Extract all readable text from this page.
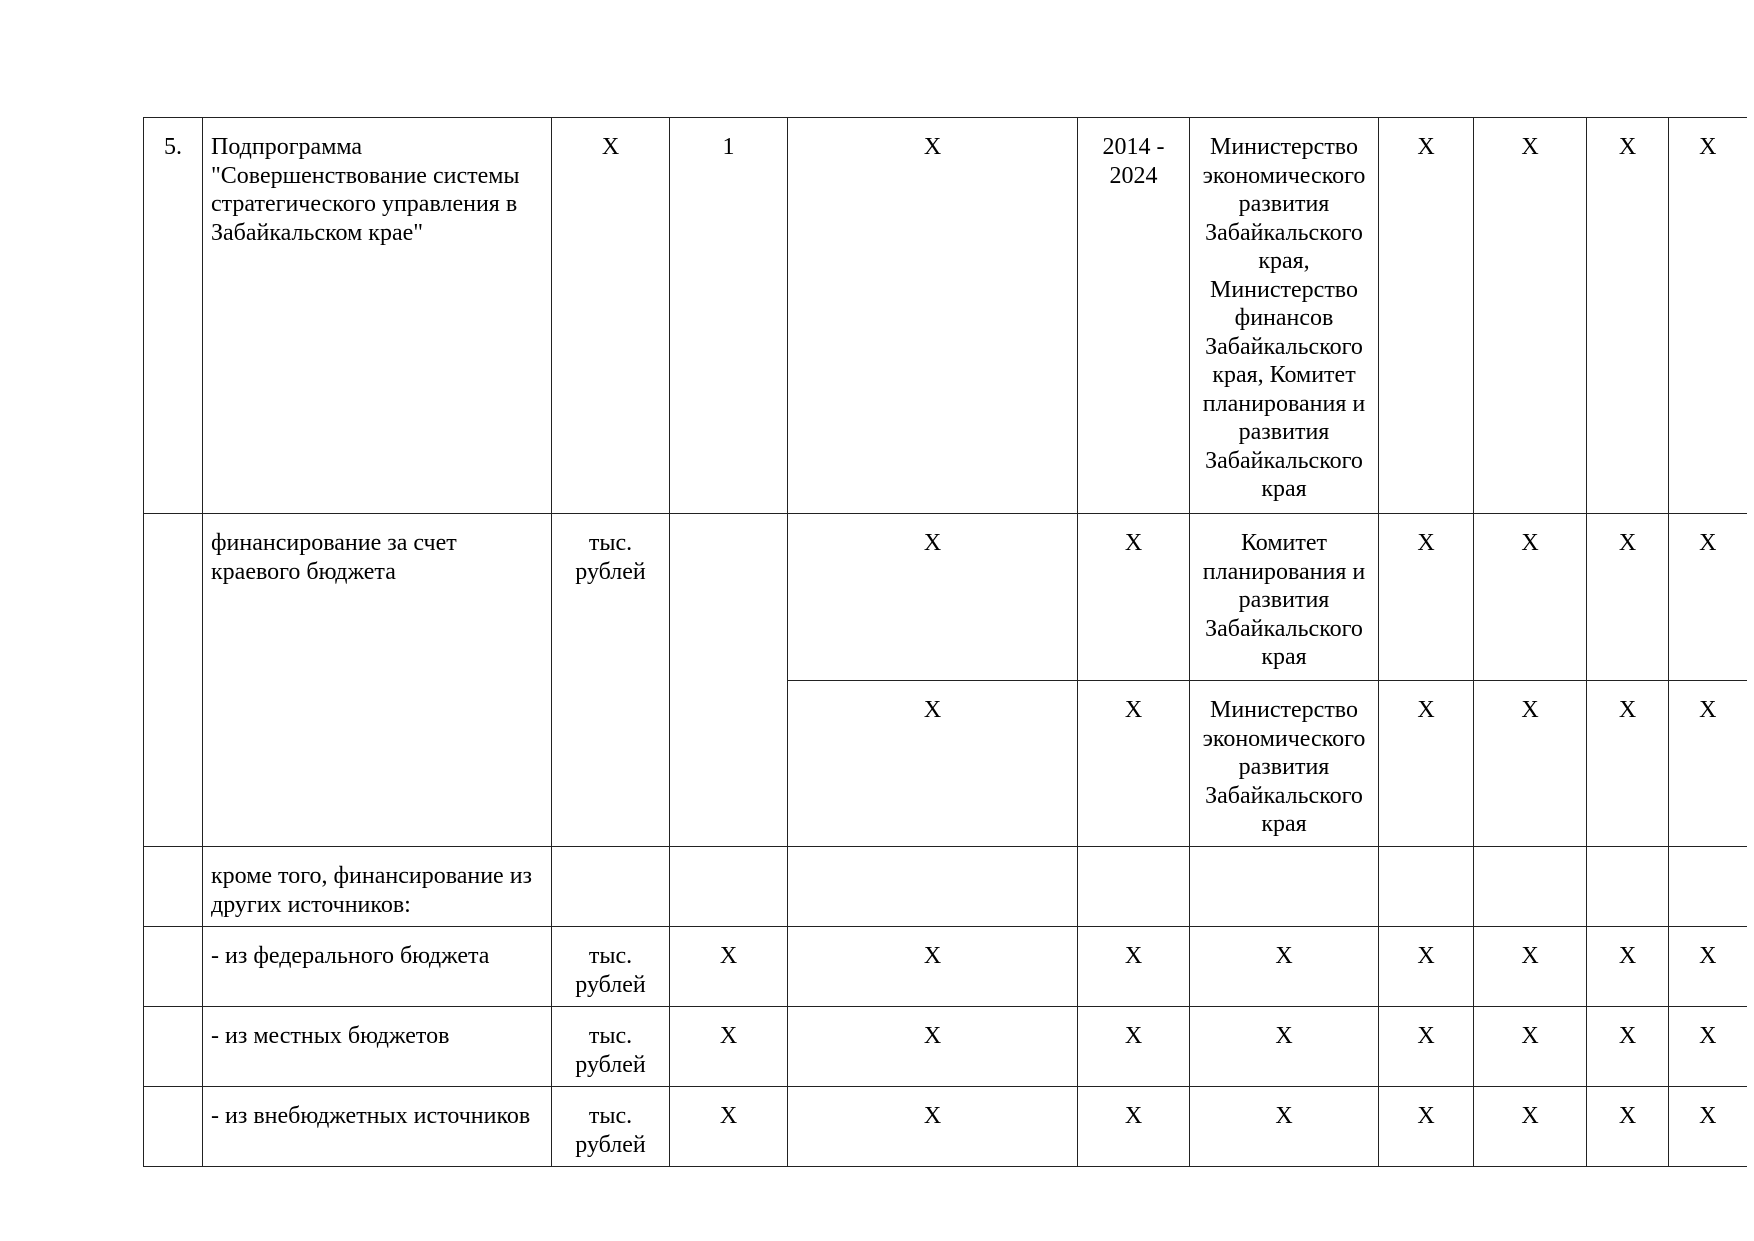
5.	Подпрограмма "Совершенствование системы стратегического управления в Забайкальском крае"	Х	1	Х	2014 - 2024	Министерство экономического развития Забайкальского края, Министерство финансов Забайкальского края, Комитет планирования и развития Забайкальского края	Х	Х	Х	Х

	финансирование за счет краевого бюджета	тыс. рублей		Х	Х	Комитет планирования и развития Забайкальского края	Х	Х	Х	Х

				Х	Х	Министерство экономического развития Забайкальского края	Х	Х	Х	Х

	кроме того, финансирование из других источников:									

	- из федерального бюджета	тыс. рублей	Х	Х	Х	Х	Х	Х	Х	Х

	- из местных бюджетов	тыс. рублей	Х	Х	Х	Х	Х	Х	Х	Х

	- из внебюджетных источников	тыс. рублей	Х	Х	Х	Х	Х	Х	Х	Х
